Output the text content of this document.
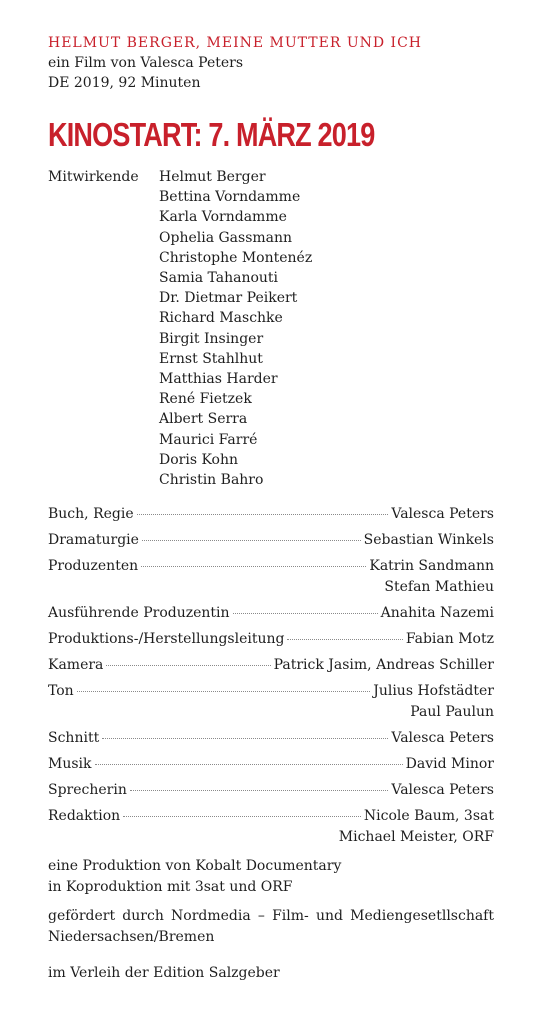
HELMUT BERGER, MEINE MUTTER UND ICH
ein Film von Valesca Peters
DE 2019, 92 Minuten
KINOSTART: 7. MÄRZ 2019
Mitwirkende	Helmut Berger
Bettina Vorndamme
Karla Vorndamme
Ophelia Gassmann
Christophe Montenéz
Samia Tahanouti
Dr. Dietmar Peikert
Richard Maschke
Birgit Insinger
Ernst Stahlhut
Matthias Harder
René Fietzek
Albert Serra
Maurici Farré
Doris Kohn
Christin Bahro
Buch, Regie	Valesca Peters
Dramaturgie	Sebastian Winkels
Produzenten	Katrin Sandmann
Stefan Mathieu
Ausführende Produzentin	Anahita Nazemi
Produktions-/Herstellungsleitung	Fabian Motz
Kamera	Patrick Jasim, Andreas Schiller
Ton	Julius Hofstädter
Paul Paulun
Schnitt	Valesca Peters
Musik	David Minor
Sprecherin	Valesca Peters
Redaktion	Nicole Baum, 3sat
Michael Meister, ORF
eine Produktion von Kobalt Documentary
in Koproduktion mit 3sat und ORF
gefördert durch Nordmedia – Film- und Mediengesetllschaft Niedersachsen/Bremen
im Verleih der Edition Salzgeber
